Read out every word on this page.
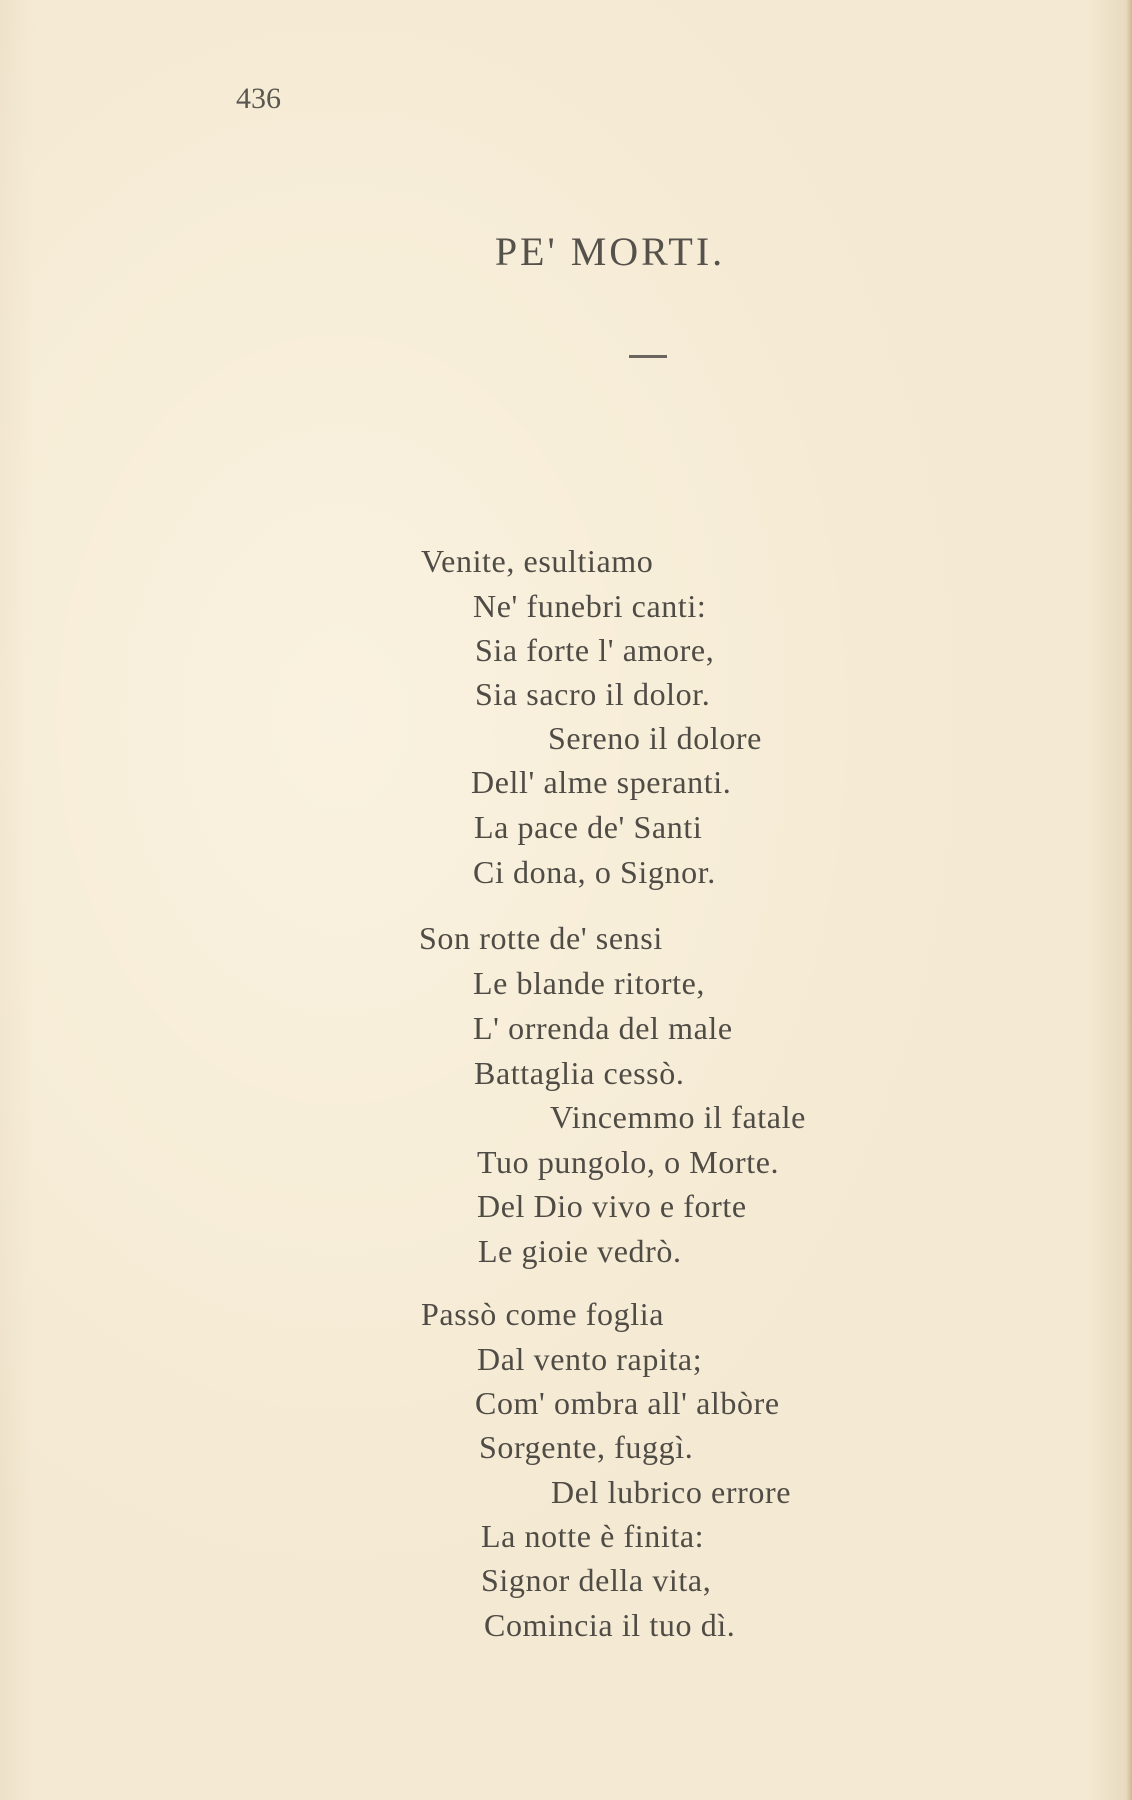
436
PE' MORTI.
Venite, esultiamo
Ne' funebri canti:
Sia forte l' amore,
Sia sacro il dolor.
Sereno il dolore
Dell' alme speranti.
La pace de' Santi
Ci dona, o Signor.
Son rotte de' sensi
Le blande ritorte,
L' orrenda del male
Battaglia cessò.
Vincemmo il fatale
Tuo pungolo, o Morte.
Del Dio vivo e forte
Le gioie vedrò.
Passò come foglia
Dal vento rapita;
Com' ombra all' albòre
Sorgente, fuggì.
Del lubrico errore
La notte è finita:
Signor della vita,
Comincia il tuo dì.
